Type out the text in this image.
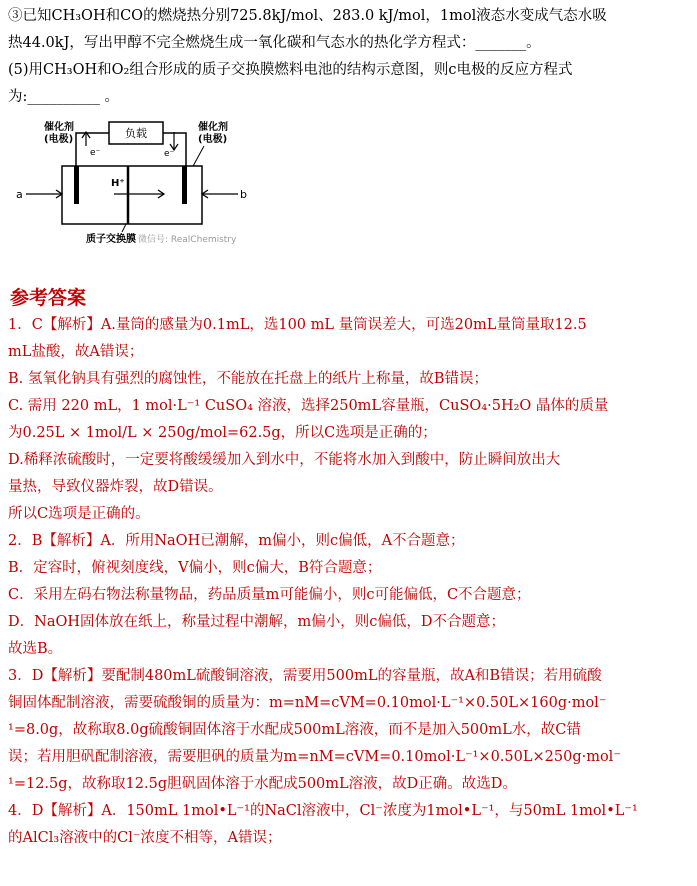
③已知CH₃OH和CO的燃烧热分别725.8kJ/mol、283.0 kJ/mol，1mol液态水变成气态水吸

热44.0kJ，写出甲醇不完全燃烧生成一氧化碳和气态水的热化学方程式：_______。

(5)用CH₃OH和O₂组合形成的质子交换膜燃料电池的结构示意图，则c电极的反应方程式

为:__________ 。

负载
e⁻	e⁻
催化剂
(电极)
催化剂
(电极)
H⁺
a	b
质子交换膜 微信号: RealChemistry
参考答案

1．C【解析】A.量筒的感量为0.1mL，选100 mL 量筒误差大，可选20mL量筒量取12.5

mL盐酸，故A错误；

B. 氢氧化钠具有强烈的腐蚀性，不能放在托盘上的纸片上称量，故B错误；

C. 需用 220 mL，1 mol·L⁻¹ CuSO₄ 溶液，选择250mL容量瓶，CuSO₄·5H₂O 晶体的质量

为0.25L × 1mol/L × 250g/mol=62.5g，所以C选项是正确的；

D.稀释浓硫酸时，一定要将酸缓缓加入到水中，不能将水加入到酸中，防止瞬间放出大

量热，导致仪器炸裂，故D错误。

所以C选项是正确的。

2．B【解析】A．所用NaOH已潮解，m偏小，则c偏低，A不合题意；

B．定容时，俯视刻度线，V偏小，则c偏大，B符合题意；

C．采用左码右物法称量物品，药品质量m可能偏小，则c可能偏低，C不合题意；

D．NaOH固体放在纸上，称量过程中潮解，m偏小，则c偏低，D不合题意；

故选B。

3．D【解析】要配制480mL硫酸铜溶液，需要用500mL的容量瓶，故A和B错误；若用硫酸

铜固体配制溶液，需要硫酸铜的质量为：m=nM=cVM=0.10mol·L⁻¹×0.50L×160g·mol⁻

¹=8.0g，故称取8.0g硫酸铜固体溶于水配成500mL溶液，而不是加入500mL水，故C错

误；若用胆矾配制溶液，需要胆矾的质量为m=nM=cVM=0.10mol·L⁻¹×0.50L×250g·mol⁻

¹=12.5g，故称取12.5g胆矾固体溶于水配成500mL溶液，故D正确。故选D。

4．D【解析】A．150mL 1mol•L⁻¹的NaCl溶液中，Cl⁻浓度为1mol•L⁻¹，与50mL 1mol•L⁻¹

的AlCl₃溶液中的Cl⁻浓度不相等，A错误；
